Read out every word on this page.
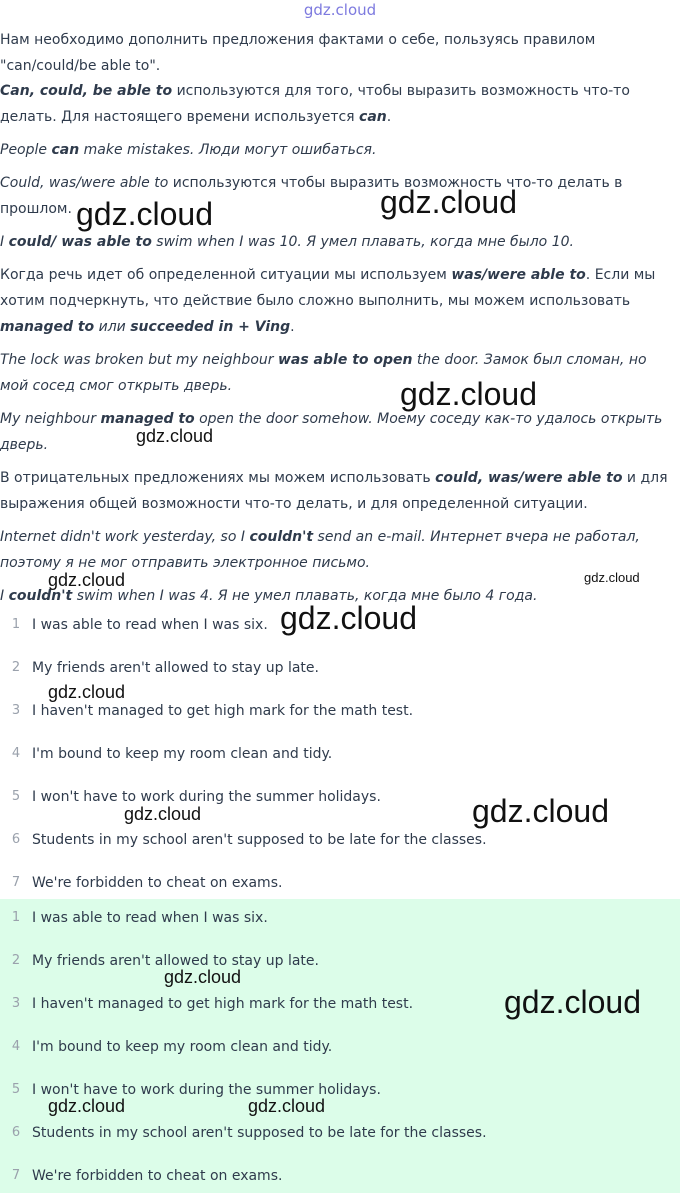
gdz.cloud

Нам необходимо дополнить предложения фактами о себе, пользуясь правилом "can/could/be able to".

Can, could, be able to используются для того, чтобы выразить возможность что-то делать. Для настоящего времени используется can.

People can make mistakes. Люди могут ошибаться.

Could, was/were able to используются чтобы выразить возможность что-то делать в прошлом.

I could/ was able to swim when I was 10. Я умел плавать, когда мне было 10.

Когда речь идет об определенной ситуации мы используем was/were able to. Если мы хотим подчеркнуть, что действие было сложно выполнить, мы можем использовать managed to или succeeded in + Ving.

The lock was broken but my neighbour was able to open the door. Замок был сломан, но мой сосед смог открыть дверь.

My neighbour managed to open the door somehow. Моему соседу как-то удалось открыть дверь.

В отрицательных предложениях мы можем использовать could, was/were able to и для выражения общей возможности что-то делать, и для определенной ситуации.

Internet didn't work yesterday, so I couldn't send an e-mail. Интернет вчера не работал, поэтому я не мог отправить электронное письмо.

I couldn't swim when I was 4. Я не умел плавать, когда мне было 4 года.

1 I was able to read when I was six.
2 My friends aren't allowed to stay up late.
3 I haven't managed to get high mark for the math test.
4 I'm bound to keep my room clean and tidy.
5 I won't have to work during the summer holidays.
6 Students in my school aren't supposed to be late for the classes.
7 We're forbidden to cheat on exams.
1 I was able to read when I was six.
2 My friends aren't allowed to stay up late.
3 I haven't managed to get high mark for the math test.
4 I'm bound to keep my room clean and tidy.
5 I won't have to work during the summer holidays.
6 Students in my school aren't supposed to be late for the classes.
7 We're forbidden to cheat on exams.
gdz.cloud	gdz.cloud
gdz.cloud
gdz.cloud
gdz.cloud	gdz.cloud
gdz.cloud
gdz.cloud
gdz.cloud	gdz.cloud
gdz.cloud
gdz.cloud
gdz.cloud	gdz.cloud
